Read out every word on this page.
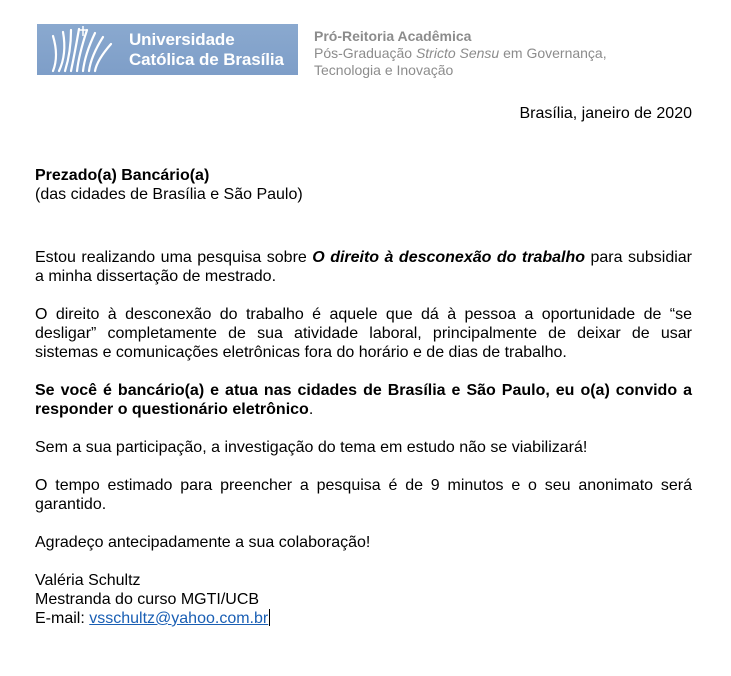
Universidade
Católica de Brasília
Pró-Reitoria Acadêmica
Pós-Graduação Stricto Sensu em Governança,
Tecnologia e Inovação
Brasília, janeiro de 2020

Prezado(a) Bancário(a)

(das cidades de Brasília e São Paulo)

Estou realizando uma pesquisa sobre O direito à desconexão do trabalho para subsidiar a minha dissertação de mestrado.

O direito à desconexão do trabalho é aquele que dá à pessoa a oportunidade de “se desligar” completamente de sua atividade laboral, principalmente de deixar de usar sistemas e comunicações eletrônicas fora do horário e de dias de trabalho.

Se você é bancário(a) e atua nas cidades de Brasília e São Paulo, eu o(a) convido a responder o questionário eletrônico.

Sem a sua participação, a investigação do tema em estudo não se viabilizará!

O tempo estimado para preencher a pesquisa é de 9 minutos e o seu anonimato será garantido.

Agradeço antecipadamente a sua colaboração!

Valéria Schultz

Mestranda do curso MGTI/UCB

E-mail: vsschultz@yahoo.com.br
